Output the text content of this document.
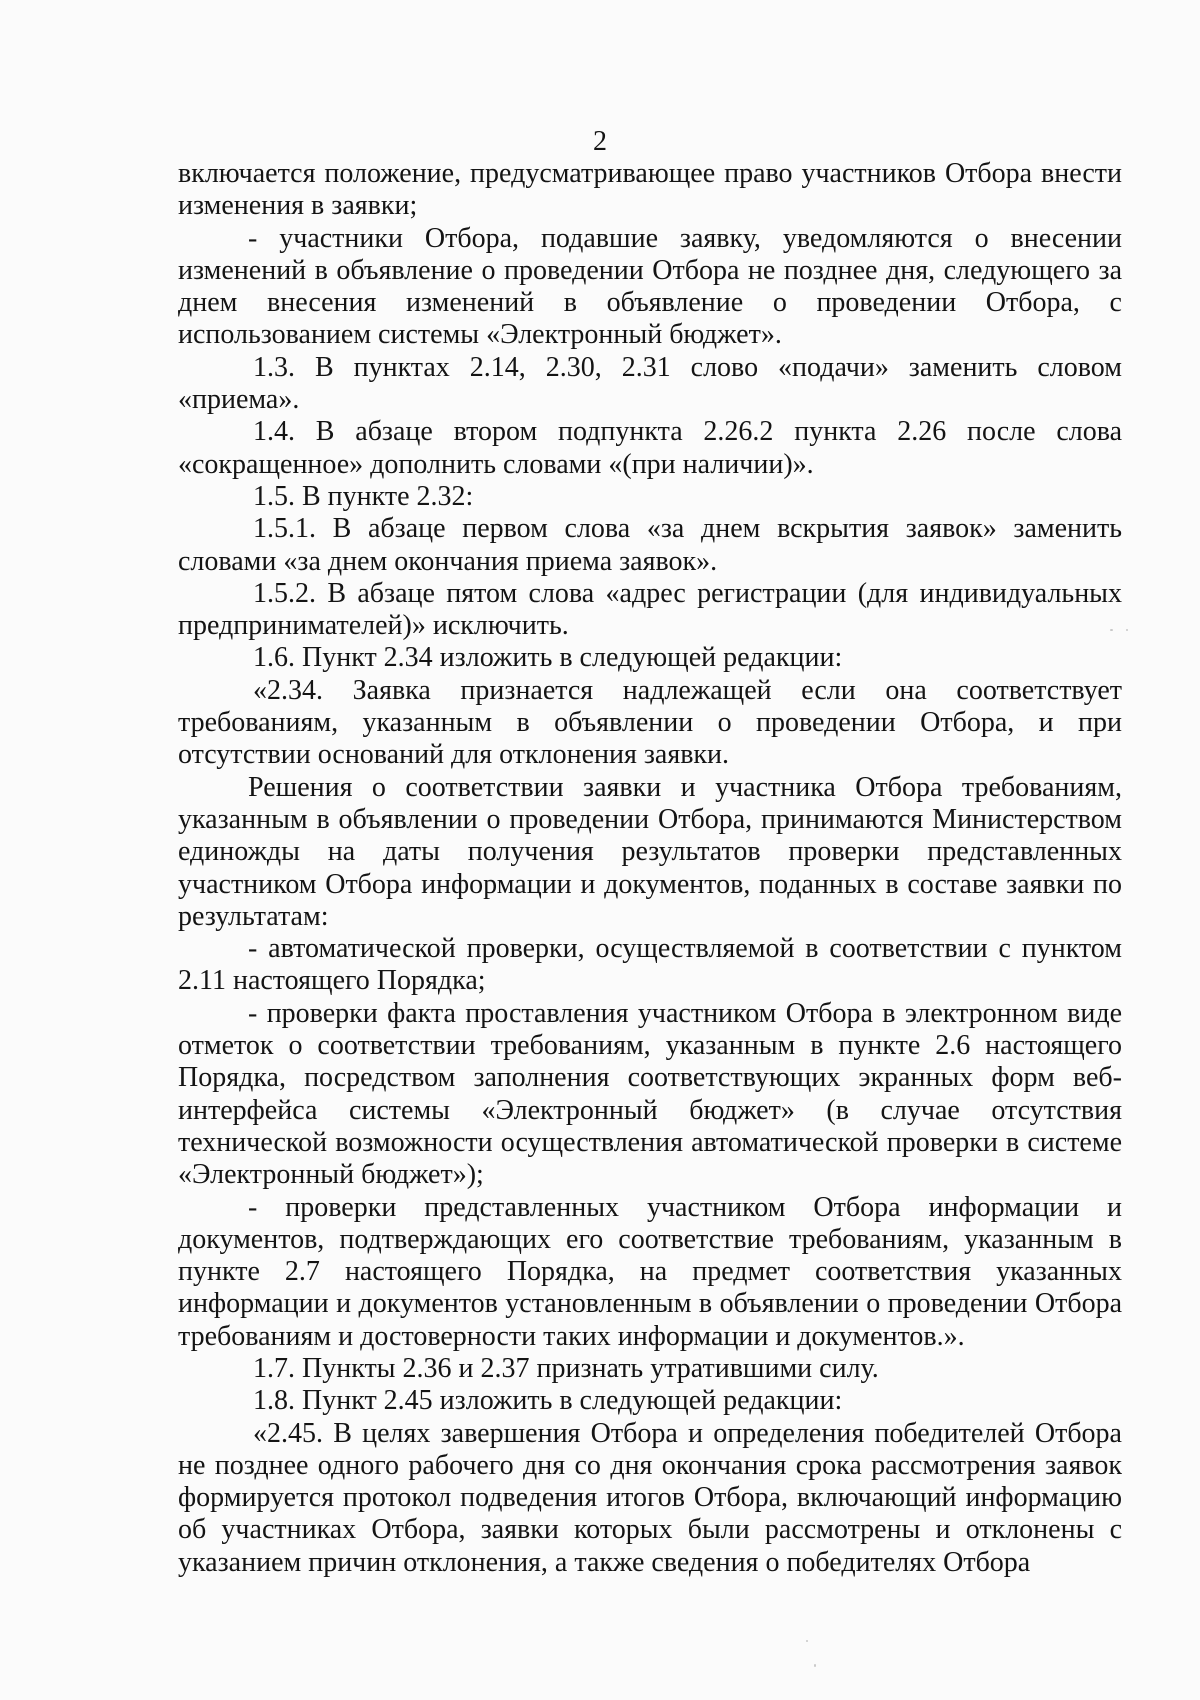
2

включается положение, предусматривающее право участников Отбора внести изменения в заявки;

- участники Отбора, подавшие заявку, уведомляются о внесении изменений в объявление о проведении Отбора не позднее дня, следующего за днем внесения изменений в объявление о проведении Отбора, с использованием системы «Электронный бюджет».

1.3. В пунктах 2.14, 2.30, 2.31 слово «подачи» заменить словом «приема».

1.4. В абзаце втором подпункта 2.26.2 пункта 2.26 после слова «сокращенное» дополнить словами «(при наличии)».

1.5. В пункте 2.32:

1.5.1. В абзаце первом слова «за днем вскрытия заявок» заменить словами «за днем окончания приема заявок».

1.5.2. В абзаце пятом слова «адрес регистрации (для индивидуальных предпринимателей)» исключить.

1.6. Пункт 2.34 изложить в следующей редакции:

«2.34. Заявка признается надлежащей если она соответствует требованиям, указанным в объявлении о проведении Отбора, и при отсутствии оснований для отклонения заявки.

Решения о соответствии заявки и участника Отбора требованиям, указанным в объявлении о проведении Отбора, принимаются Министерством единожды на даты получения результатов проверки представленных участником Отбора информации и документов, поданных в составе заявки по результатам:

- автоматической проверки, осуществляемой в соответствии с пунктом 2.11 настоящего Порядка;

- проверки факта проставления участником Отбора в электронном виде отметок о соответствии требованиям, указанным в пункте 2.6 настоящего Порядка, посредством заполнения соответствующих экранных форм веб-интерфейса системы «Электронный бюджет» (в случае отсутствия технической возможности осуществления автоматической проверки в системе «Электронный бюджет»);

- проверки представленных участником Отбора информации и документов, подтверждающих его соответствие требованиям, указанным в пункте 2.7 настоящего Порядка, на предмет соответствия указанных информации и документов установленным в объявлении о проведении Отбора требованиям и достоверности таких информации и документов.».

1.7. Пункты 2.36 и 2.37 признать утратившими силу.

1.8. Пункт 2.45 изложить в следующей редакции:

«2.45. В целях завершения Отбора и определения победителей Отбора не позднее одного рабочего дня со дня окончания срока рассмотрения заявок формируется протокол подведения итогов Отбора, включающий информацию об участниках Отбора, заявки которых были рассмотрены и отклонены с указанием причин отклонения, а также сведения о победителях Отбора
